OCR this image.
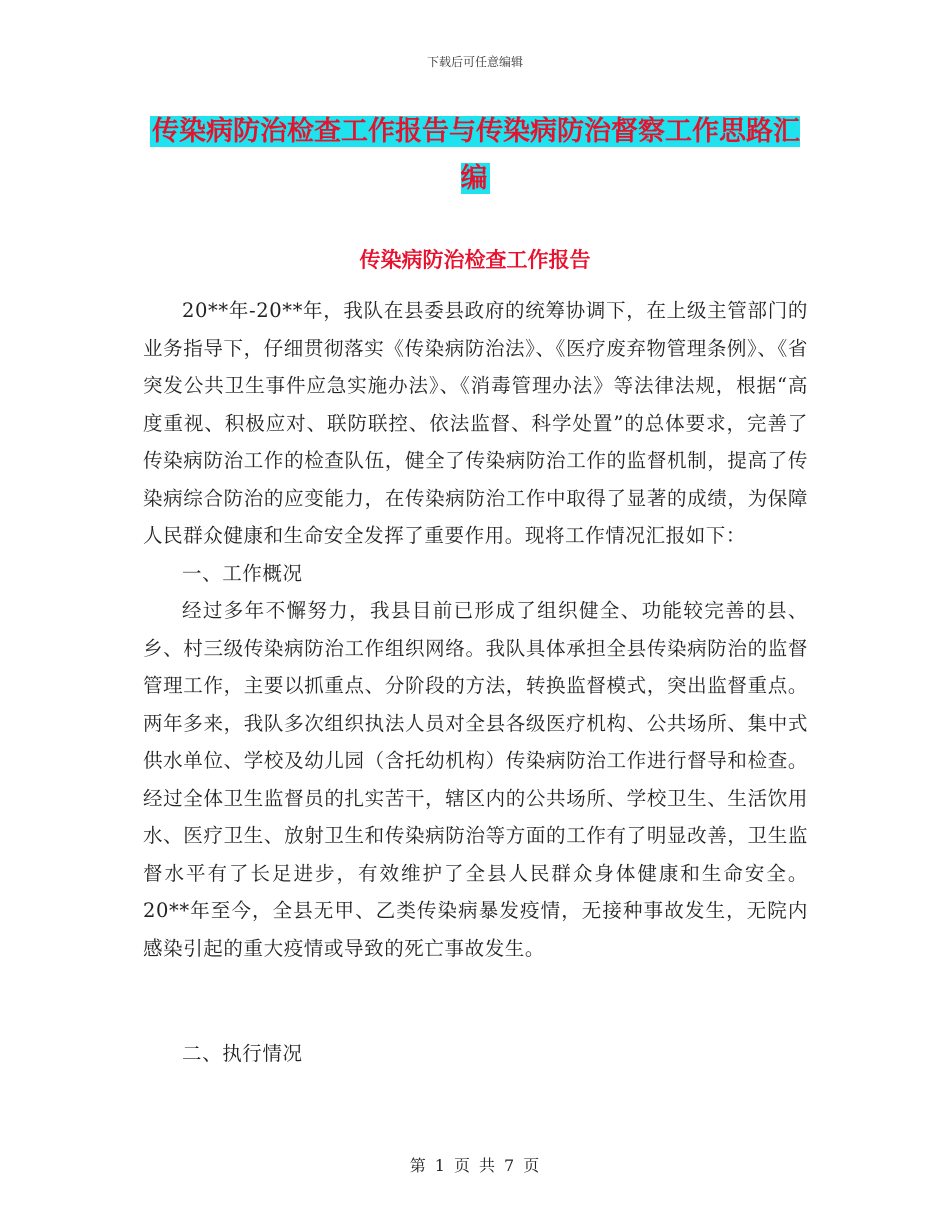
下载后可任意编辑
传染病防治检查工作报告与传染病防治督察工作思路汇编
传染病防治检查工作报告

20**年-20**年，我队在县委县政府的统筹协调下，在上级主管部门的业务指导下，仔细贯彻落实《传染病防治法》、《医疗废弃物管理条例》、《省突发公共卫生事件应急实施办法》、《消毒管理办法》等法律法规，根据“高度重视、积极应对、联防联控、依法监督、科学处置”的总体要求，完善了传染病防治工作的检查队伍，健全了传染病防治工作的监督机制，提高了传染病综合防治的应变能力，在传染病防治工作中取得了显著的成绩，为保障人民群众健康和生命安全发挥了重要作用。现将工作情况汇报如下：

一、工作概况

经过多年不懈努力，我县目前已形成了组织健全、功能较完善的县、乡、村三级传染病防治工作组织网络。我队具体承担全县传染病防治的监督管理工作，主要以抓重点、分阶段的方法，转换监督模式，突出监督重点。两年多来，我队多次组织执法人员对全县各级医疗机构、公共场所、集中式供水单位、学校及幼儿园（含托幼机构）传染病防治工作进行督导和检查。经过全体卫生监督员的扎实苦干，辖区内的公共场所、学校卫生、生活饮用水、医疗卫生、放射卫生和传染病防治等方面的工作有了明显改善，卫生监督水平有了长足进步，有效维护了全县人民群众身体健康和生命安全。20**年至今，全县无甲、乙类传染病暴发疫情，无接种事故发生，无院内感染引起的重大疫情或导致的死亡事故发生。

二、执行情况

第 1 页 共 7 页
